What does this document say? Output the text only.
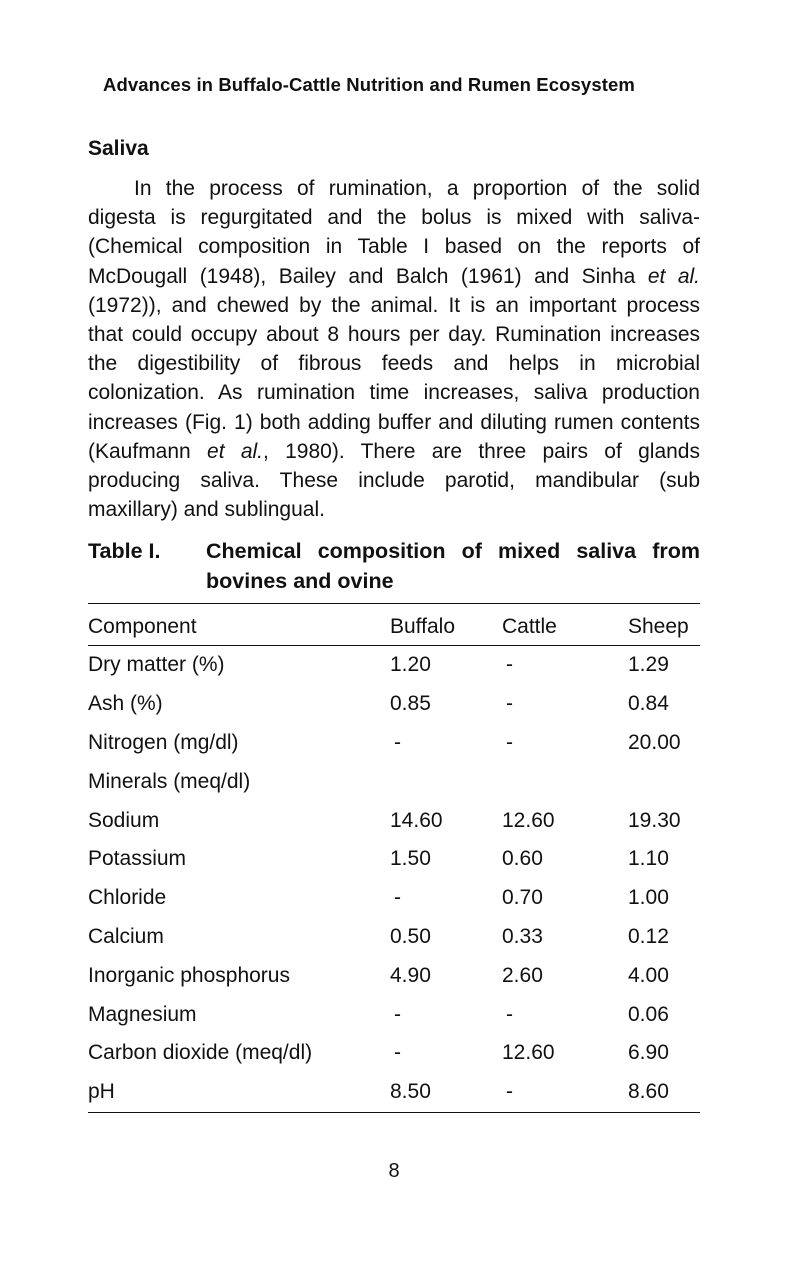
Advances in Buffalo-Cattle Nutrition and Rumen Ecosystem
Saliva
In the process of rumination, a proportion of the solid
digesta is regurgitated and the bolus is mixed with saliva-
(Chemical composition in Table I based on the reports of
McDougall (1948), Bailey and Balch (1961) and Sinha et al.
(1972)), and chewed by the animal. It is an important process
that could occupy about 8 hours per day. Rumination increases
the digestibility of fibrous feeds and helps in microbial
colonization. As rumination time increases, saliva production
increases (Fig. 1) both adding buffer and diluting rumen contents
(Kaufmann et al., 1980). There are three pairs of glands
producing saliva. These include parotid, mandibular (sub
maxillary) and sublingual.
Table I. Chemical composition of mixed saliva from
bovines and ovine
Component	Buffalo	Cattle	Sheep
Dry matter (%)	1.20	-	1.29
Ash (%)	0.85	-	0.84
Nitrogen (mg/dl)	-	-	20.00
Minerals (meq/dl)			
Sodium	14.60	12.60	19.30
Potassium	1.50	0.60	1.10
Chloride	-	0.70	1.00
Calcium	0.50	0.33	0.12
Inorganic phosphorus	4.90	2.60	4.00
Magnesium	-	-	0.06
Carbon dioxide (meq/dl)	-	12.60	6.90
pH	8.50	-	8.60
8
